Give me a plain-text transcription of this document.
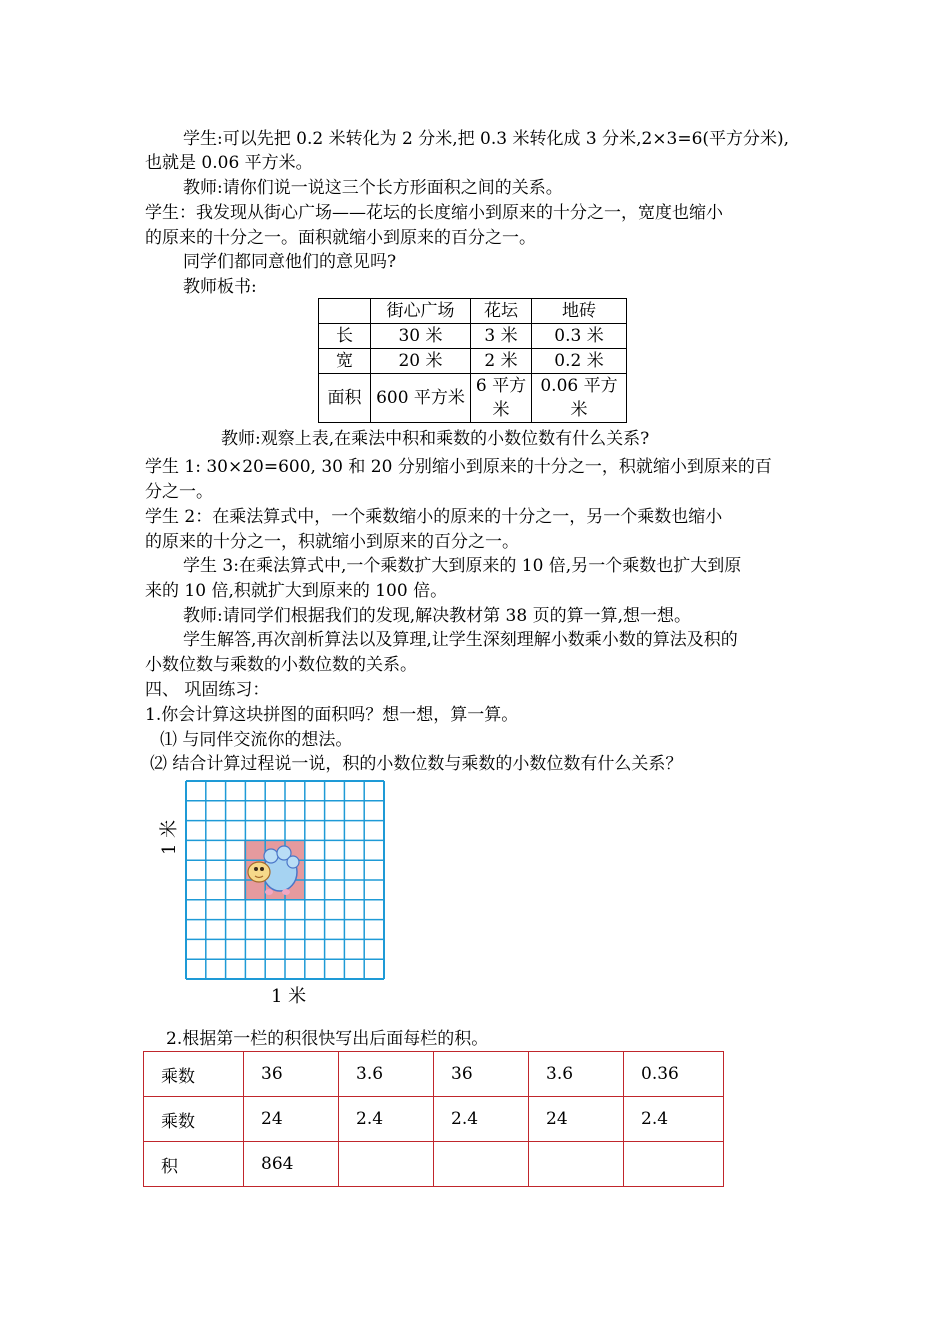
学生:可以先把 0.2 米转化为 2 分米,把 0.3 米转化成 3 分米,2×3=6(平方分米),
也就是 0.06 平方米。
教师:请你们说一说这三个长方形面积之间的关系。
学生：我发现从街心广场——花坛的长度缩小到原来的十分之一，宽度也缩小
的原来的十分之一。面积就缩小到原来的百分之一。
同学们都同意他们的意见吗?
教师板书:
	街心广场	花坛	地砖
长	30 米	3 米	0.3 米
宽	20 米	2 米	0.2 米
面积	600 平方米	6 平方米	0.06 平方米
教师:观察上表,在乘法中积和乘数的小数位数有什么关系?
学生 1: 30×20=600, 30 和 20 分别缩小到原来的十分之一，积就缩小到原来的百
分之一。
学生 2：在乘法算式中，一个乘数缩小的原来的十分之一，另一个乘数也缩小
的原来的十分之一，积就缩小到原来的百分之一。
学生 3:在乘法算式中,一个乘数扩大到原来的 10 倍,另一个乘数也扩大到原
来的 10 倍,积就扩大到原来的 100 倍。
教师:请同学们根据我们的发现,解决教材第 38 页的算一算,想一想。
学生解答,再次剖析算法以及算理,让学生深刻理解小数乘小数的算法及积的
小数位数与乘数的小数位数的关系。
四、 巩固练习：
1.你会计算这块拼图的面积吗？想一想，算一算。
⑴ 与同伴交流你的想法。
⑵ 结合计算过程说一说，积的小数位数与乘数的小数位数有什么关系？
1 米
1 米
2.根据第一栏的积很快写出后面每栏的积。
乘数	36	3.6	36	3.6	0.36
乘数	24	2.4	2.4	24	2.4
积	864				
